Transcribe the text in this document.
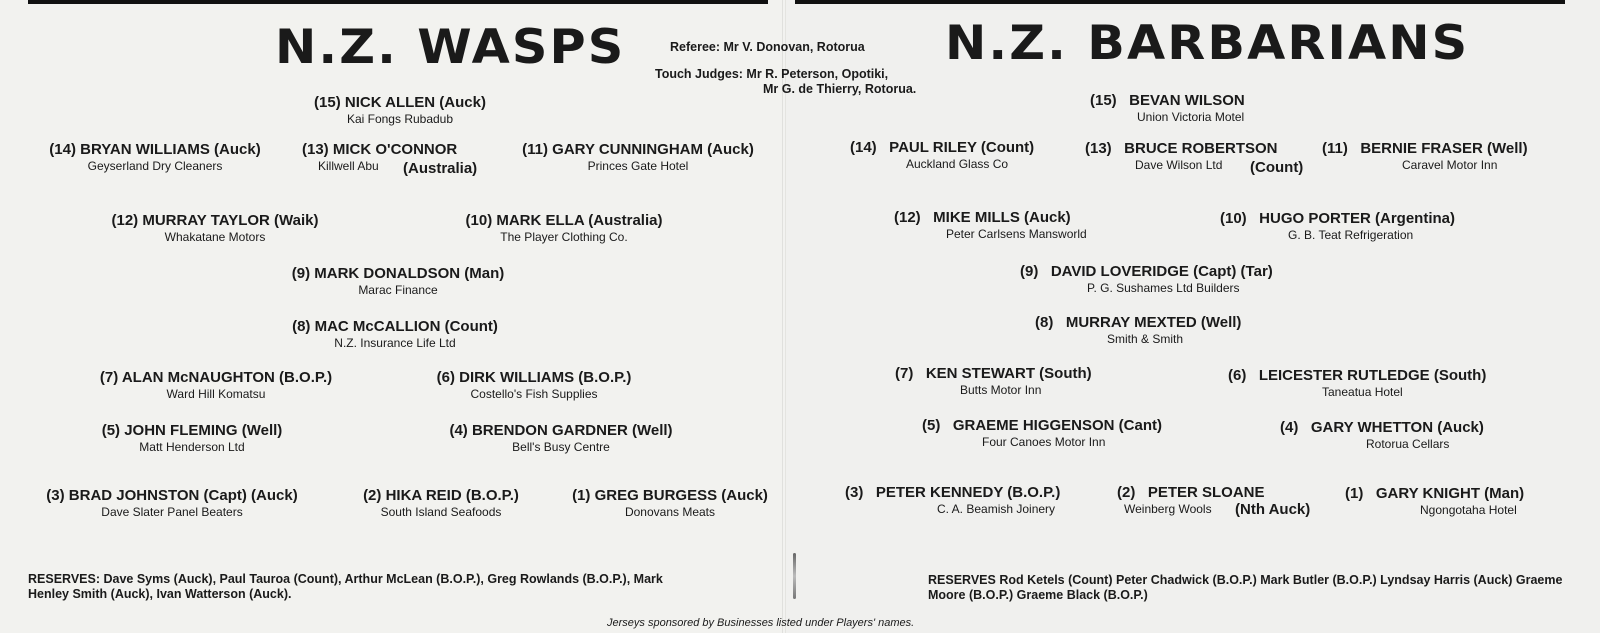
N.Z. WASPS	Referee: Mr V. Donovan, Rotorua
Touch Judges: Mr R. Peterson, Opotiki,
Mr G. de Thierry, Rotorua.
(15) NICK ALLEN (Auck)
Kai Fongs Rubadub
(14) BRYAN WILLIAMS (Auck)
Geyserland Dry Cleaners
(13) MICK O'CONNOR
Killwell Abu	(Australia)
(11) GARY CUNNINGHAM (Auck)
Princes Gate Hotel
(12) MURRAY TAYLOR (Waik)
Whakatane Motors
(10) MARK ELLA (Australia)
The Player Clothing Co.
(9) MARK DONALDSON (Man)
Marac Finance
(8) MAC McCALLION (Count)
N.Z. Insurance Life Ltd
(7) ALAN McNAUGHTON (B.O.P.)
Ward Hill Komatsu
(6) DIRK WILLIAMS (B.O.P.)
Costello's Fish Supplies
(5) JOHN FLEMING (Well)
Matt Henderson Ltd
(4) BRENDON GARDNER (Well)
Bell's Busy Centre
(3) BRAD JOHNSTON (Capt) (Auck)
Dave Slater Panel Beaters
(2) HIKA REID (B.O.P.)
South Island Seafoods
(1) GREG BURGESS (Auck)
Donovans Meats
RESERVES: Dave Syms (Auck), Paul Tauroa (Count), Arthur McLean (B.O.P.), Greg Rowlands (B.O.P.), Mark Henley Smith (Auck), Ivan Watterson (Auck).
N.Z. BARBARIANS
(15)   BEVAN WILSON
Union Victoria Motel
(14)   PAUL RILEY (Count)
Auckland Glass Co
(13)   BRUCE ROBERTSON
Dave Wilson Ltd	(Count)
(11)   BERNIE FRASER (Well)
Caravel Motor Inn
(12)   MIKE MILLS (Auck)
Peter Carlsens Mansworld
(10)   HUGO PORTER (Argentina)
G. B. Teat Refrigeration
(9)   DAVID LOVERIDGE (Capt) (Tar)
P. G. Sushames Ltd Builders
(8)   MURRAY MEXTED (Well)
Smith & Smith
(7)   KEN STEWART (South)
Butts Motor Inn
(6)   LEICESTER RUTLEDGE (South)
Taneatua Hotel
(5)   GRAEME HIGGENSON (Cant)
Four Canoes Motor Inn
(4)   GARY WHETTON (Auck)
Rotorua Cellars
(3)   PETER KENNEDY (B.O.P.)
C. A. Beamish Joinery
(2)   PETER SLOANE
Weinberg Wools	(Nth Auck)
(1)   GARY KNIGHT (Man)
Ngongotaha Hotel
RESERVES Rod Ketels (Count) Peter Chadwick (B.O.P.) Mark Butler (B.O.P.) Lyndsay Harris (Auck) Graeme Moore (B.O.P.) Graeme Black (B.O.P.)
Jerseys sponsored by Businesses listed under Players' names.
